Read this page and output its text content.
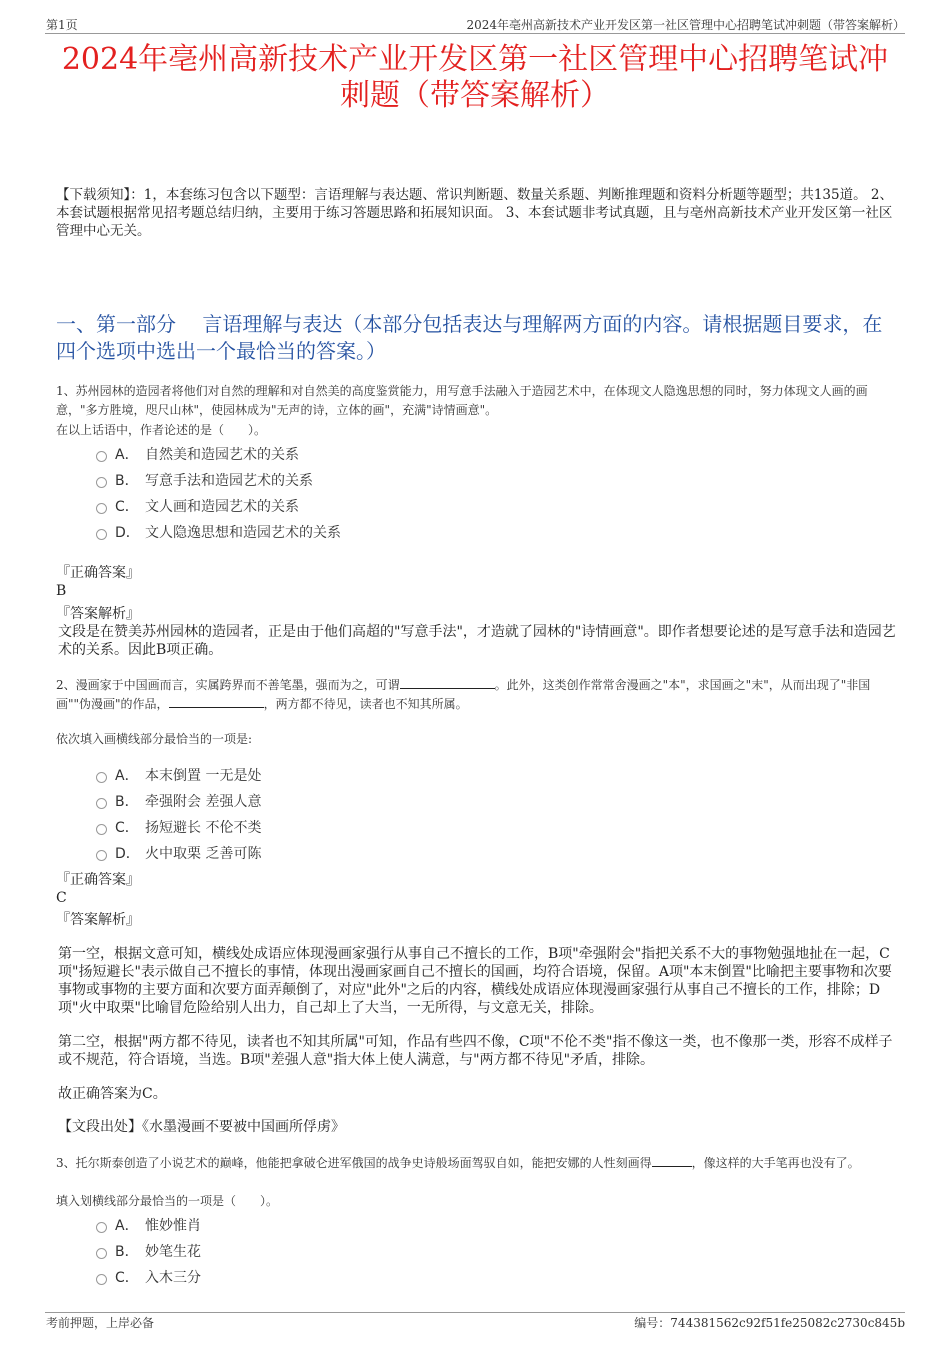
第1页	2024年亳州高新技术产业开发区第一社区管理中心招聘笔试冲刺题（带答案解析）
2024年亳州高新技术产业开发区第一社区管理中心招聘笔试冲
刺题（带答案解析）
【下载须知】：1，本套练习包含以下题型：言语理解与表达题、常识判断题、数量关系题、判断推理题和资料分析题等题型；共135道。 2、本套试题根据常见招考题总结归纳，主要用于练习答题思路和拓展知识面。 3、本套试题非考试真题，且与亳州高新技术产业开发区第一社区管理中心无关。
一、第一部分　 言语理解与表达（本部分包括表达与理解两方面的内容。请根据题目要求，在四个选项中选出一个最恰当的答案。）
1、苏州园林的造园者将他们对自然的理解和对自然美的高度鉴赏能力，用写意手法融入于造园艺术中，在体现文人隐逸思想的同时，努力体现文人画的画意，"多方胜境，咫尺山林"，使园林成为"无声的诗，立体的画"，充满"诗情画意"。
在以上话语中，作者论述的是（　　）。
A． 自然美和造园艺术的关系
B． 写意手法和造园艺术的关系
C． 文人画和造园艺术的关系
D． 文人隐逸思想和造园艺术的关系
『正确答案』
B
『答案解析』
文段是在赞美苏州园林的造园者，正是由于他们高超的"写意手法"，才造就了园林的"诗情画意"。即作者想要论述的是写意手法和造园艺术的关系。因此B项正确。
2、漫画家于中国画而言，实属跨界而不善笔墨，强而为之，可谓	。此外，这类创作常常舍漫画之"本"，求国画之"末"，从而出现了"非国画""伪漫画"的作品，	，两方都不待见，读者也不知其所属。
依次填入画横线部分最恰当的一项是:
A． 本末倒置 一无是处
B． 牵强附会 差强人意
C． 扬短避长 不伦不类
D． 火中取栗 乏善可陈
『正确答案』
C
『答案解析』
第一空，根据文意可知，横线处成语应体现漫画家强行从事自己不擅长的工作，B项"牵强附会"指把关系不大的事物勉强地扯在一起，C项"扬短避长"表示做自己不擅长的事情，体现出漫画家画自己不擅长的国画，均符合语境，保留。A项"本末倒置"比喻把主要事物和次要事物或事物的主要方面和次要方面弄颠倒了，对应"此外"之后的内容，横线处成语应体现漫画家强行从事自己不擅长的工作，排除；D项"火中取栗"比喻冒危险给别人出力，自己却上了大当，一无所得，与文意无关，排除。
第二空，根据"两方都不待见，读者也不知其所属"可知，作品有些四不像，C项"不伦不类"指不像这一类，也不像那一类，形容不成样子或不规范，符合语境，当选。B项"差强人意"指大体上使人满意，与"两方都不待见"矛盾，排除。
故正确答案为C。
【文段出处】《水墨漫画不要被中国画所俘虏》
3、托尔斯泰创造了小说艺术的巅峰，他能把拿破仑进军俄国的战争史诗般场面驾驭自如，能把安娜的人性刻画得	，像这样的大手笔再也没有了。
填入划横线部分最恰当的一项是（　　）。
A． 惟妙惟肖
B． 妙笔生花
C． 入木三分
考前押题，上岸必备	编号：744381562c92f51fe25082c2730c845b
